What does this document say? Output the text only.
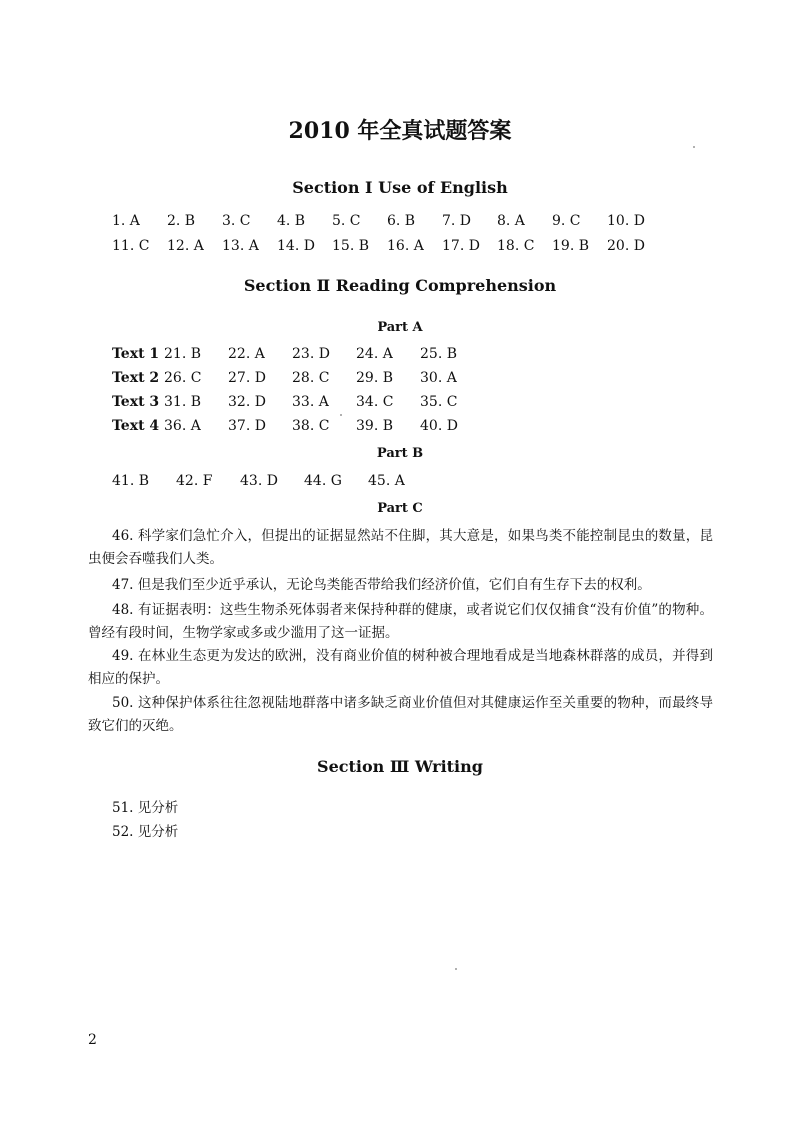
2010 年全真试题答案
Section Ⅰ Use of English
1. A	2. B	3. C	4. B	5. C	6. B	7. D	8. A	9. C	10. D
11. C	12. A	13. A	14. D	15. B	16. A	17. D	18. C	19. B	20. D
Section Ⅱ Reading Comprehension
Part A
Text 1 21. B	22. A	23. D	24. A	25. B
Text 2 26. C	27. D	28. C	29. B	30. A
Text 3 31. B	32. D	33. A	34. C	35. C
Text 4 36. A	37. D	38. C	39. B	40. D
Part B
41. B	42. F	43. D	44. G	45. A
Part C

46. 科学家们急忙介入，但提出的证据显然站不住脚，其大意是，如果鸟类不能控制昆虫的数量，昆虫便会吞噬我们人类。

47. 但是我们至少近乎承认，无论鸟类能否带给我们经济价值，它们自有生存下去的权利。

48. 有证据表明：这些生物杀死体弱者来保持种群的健康，或者说它们仅仅捕食“没有价值”的物种。曾经有段时间，生物学家或多或少滥用了这一证据。

49. 在林业生态更为发达的欧洲，没有商业价值的树种被合理地看成是当地森林群落的成员，并得到相应的保护。

50. 这种保护体系往往忽视陆地群落中诸多缺乏商业价值但对其健康运作至关重要的物种，而最终导致它们的灭绝。

Section Ⅲ Writing

51. 见分析

52. 见分析

2
